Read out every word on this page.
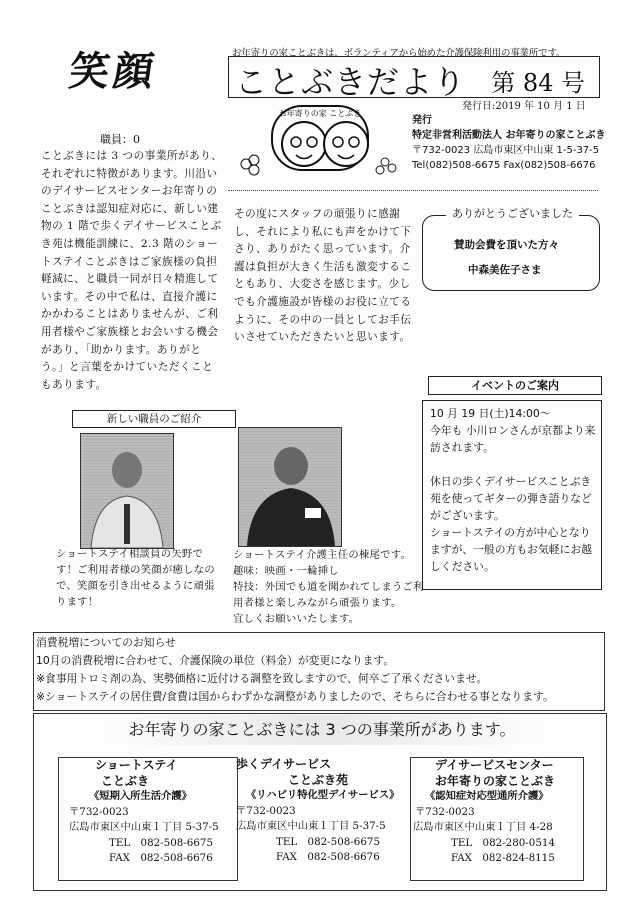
笑顔	お年寄りの家ことぶきは、ボランティアから始めた介護保険利用の事業所です。
ことぶきだより 第 84 号
発行日:2019 年 10 月 1 日
お年寄りの家 ことぶき
発行
特定非営利活動法人 お年寄りの家ことぶき
〒732-0023 広島市東区中山東 1-5-37-5
Tel(082)508-6675 Fax(082)508-6676
職員：0
ことぶきには 3 つの事業所があり、それぞれに特徴があります。川沿いのデイサービスセンターお年寄りのことぶきは認知症対応に、新しい建物の 1 階で歩くデイサービスことぶき苑は機能訓練に、2.3 階のショートステイことぶきはご家族様の負担軽減に、と職員一同が日々精進しています。その中で私は、直接介護にかかわることはありませんが、ご利用者様やご家族様とお会いする機会があり、「助かります。ありがとう。」と言葉をかけていただくこともあります。
その度にスタッフの頑張りに感謝し、それにより私にも声をかけて下さり、ありがたく思っています。介護は負担が大きく生活も激変することもあり、大変さを感じます。少しでも介護施設が皆様のお役に立てるように、その中の一員としてお手伝いさせていただきたいと思います。
ありがとうございました
賛助会費を頂いた方々
中森美佐子さま
イベントのご案内
10 月 19 日(土)14:00～
今年も 小川ロンさんが京都より来訪されます。
休日の歩くデイサービスことぶき苑を使ってギターの弾き語りなどがございます。
ショートステイの方が中心となりますが、一般の方もお気軽にお越しください。
新しい職員のご紹介
ショートステイ相談員の矢野です！ご利用者様の笑顔が癒しなので、笑顔を引き出せるように頑張ります！
ショートステイ介護主任の棟尾です。
趣味：映画・一輪挿し
特技：外国でも道を聞かれてしまうご利用者様と楽しみながら頑張ります。
宜しくお願いいたします。
消費税増についてのお知らせ
10月の消費税増に合わせて、介護保険の単位（料金）が変更になります。
※食事用トロミ剤の為、実勢価格に近付ける調整を致しますので、何卒ご了承くださいませ。
※ショートステイの居住費/食費は国からわずかな調整がありましたので、そちらに合わせる事となります。
お年寄りの家ことぶきには 3 つの事業所があります。
ショートステイ
ことぶき
《短期入所生活介護》
〒732-0023
広島市東区中山東１丁目 5-37-5
TEL　082-508-6675
FAX　082-508-6676
歩くデイサービス
ことぶき苑
《リハビリ特化型デイサービス》
〒732-0023
広島市東区中山東１丁目 5-37-5
TEL　082-508-6675
FAX　082-508-6676
デイサービスセンター
お年寄りの家ことぶき
《認知症対応型通所介護》
〒732-0023
広島市東区中山東１丁目 4-28
TEL　082-280-0514
FAX　082-824-8115
